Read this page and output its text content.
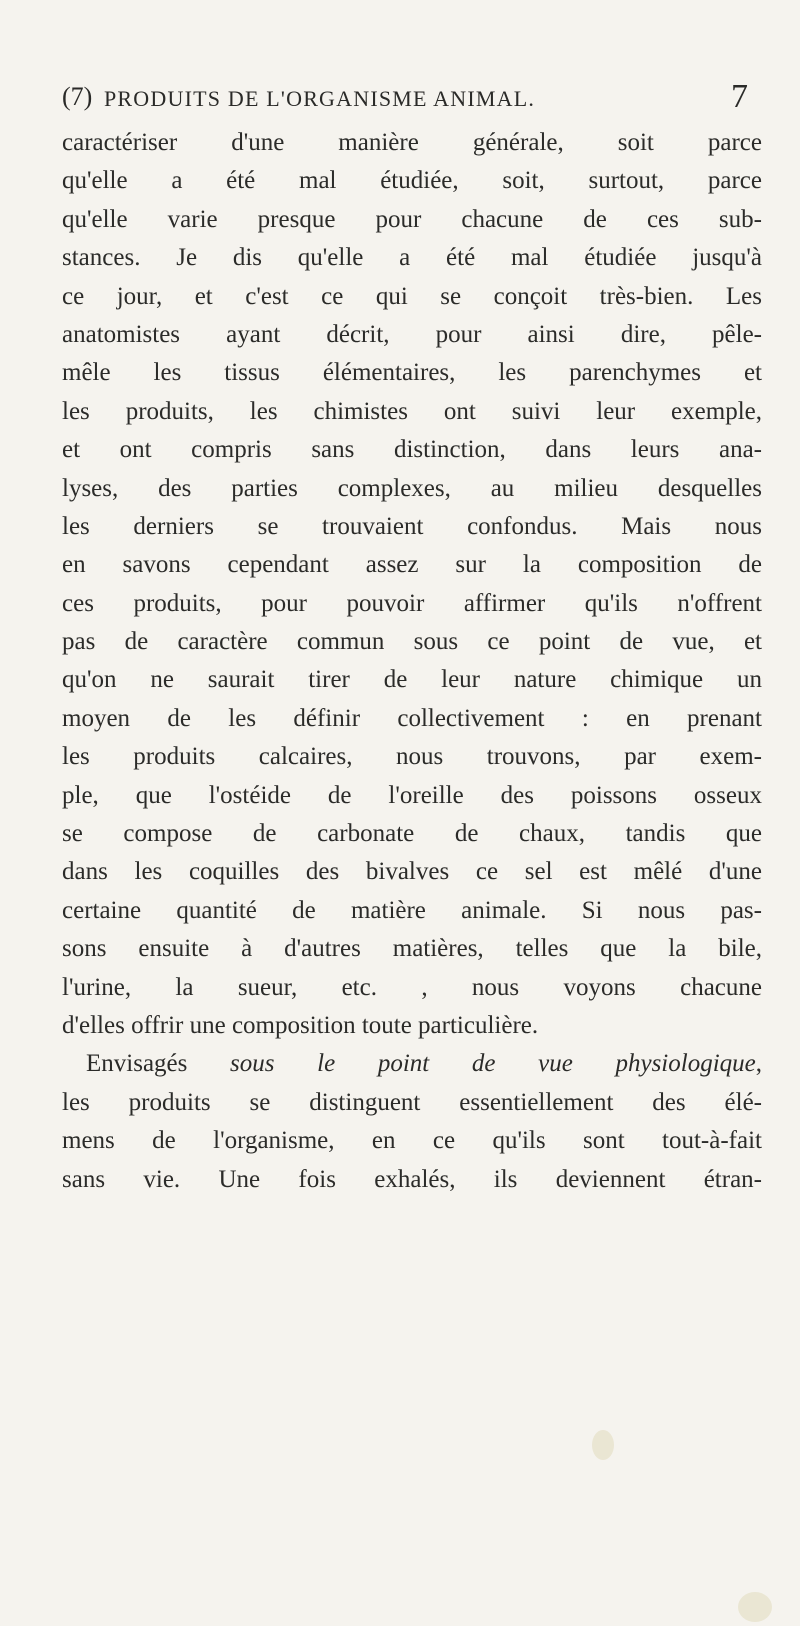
(7) PRODUITS DE L'ORGANISME ANIMAL.	7
caractériser d'une manière générale, soit parce
qu'elle a été mal étudiée, soit, surtout, parce
qu'elle varie presque pour chacune de ces sub-
stances. Je dis qu'elle a été mal étudiée jusqu'à
ce jour, et c'est ce qui se conçoit très-bien. Les
anatomistes ayant décrit, pour ainsi dire, pêle-
mêle les tissus élémentaires, les parenchymes et
les produits, les chimistes ont suivi leur exemple,
et ont compris sans distinction, dans leurs ana-
lyses, des parties complexes, au milieu desquelles
les derniers se trouvaient confondus. Mais nous
en savons cependant assez sur la composition de
ces produits, pour pouvoir affirmer qu'ils n'offrent
pas de caractère commun sous ce point de vue, et
qu'on ne saurait tirer de leur nature chimique un
moyen de les définir collectivement : en prenant
les produits calcaires, nous trouvons, par exem-
ple, que l'ostéide de l'oreille des poissons osseux
se compose de carbonate de chaux, tandis que
dans les coquilles des bivalves ce sel est mêlé d'une
certaine quantité de matière animale. Si nous pas-
sons ensuite à d'autres matières, telles que la bile,
l'urine, la sueur, etc. , nous voyons chacune
d'elles offrir une composition toute particulière.
Envisagés sous le point de vue physiologique,
les produits se distinguent essentiellement des élé-
mens de l'organisme, en ce qu'ils sont tout-à-fait
sans vie. Une fois exhalés, ils deviennent étran-
